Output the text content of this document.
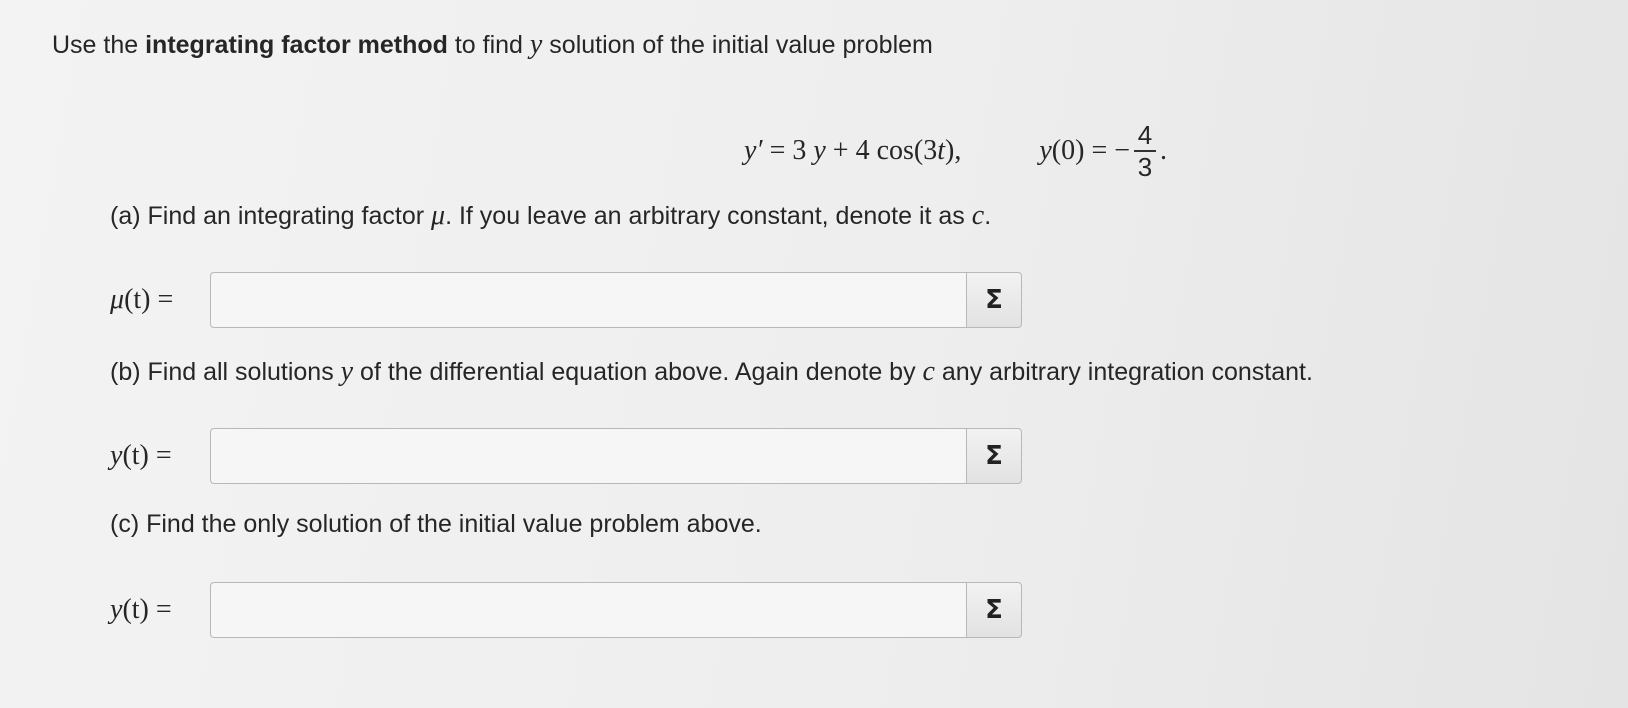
Use the integrating factor method to find y solution of the initial value problem
y′ = 3 y + 4 cos(3t),	y (0) = − $\frac{4}{3}$ .
(a) Find an integrating factor μ. If you leave an arbitrary constant, denote it as c.
μ(t) =	Σ
(b) Find all solutions y of the differential equation above. Again denote by c any arbitrary integration constant.
y(t) =	Σ
(c) Find the only solution of the initial value problem above.
y(t) =	Σ
